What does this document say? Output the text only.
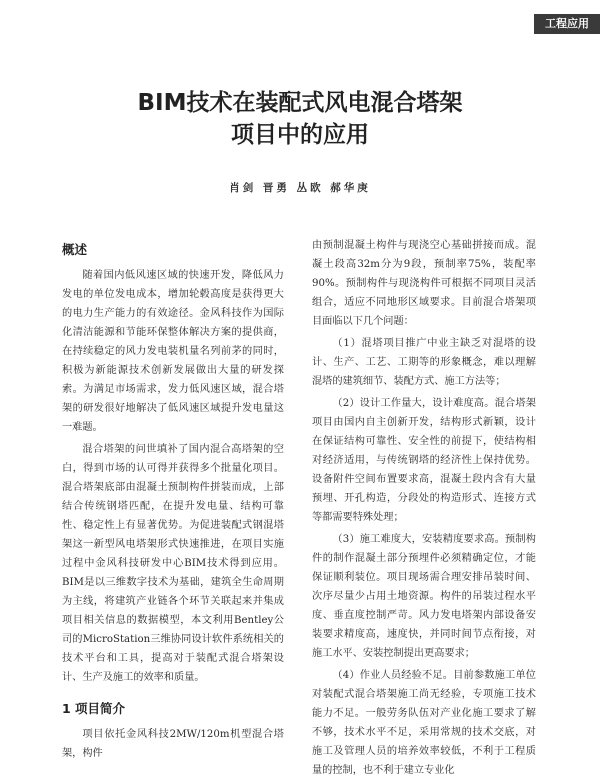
工程应用
BIM技术在装配式风电混合塔架
项目中的应用
肖剑 晋勇 丛欧 郝华庚
概述

随着国内低风速区域的快速开发，降低风力发电的单位发电成本，增加轮毂高度是获得更大的电力生产能力的有效途径。金风科技作为国际化清洁能源和节能环保整体解决方案的提供商，在持续稳定的风力发电装机量名列前茅的同时，积极为新能源技术创新发展做出大量的研发探索。为满足市场需求，发力低风速区域，混合塔架的研发很好地解决了低风速区域提升发电量这一难题。

混合塔架的问世填补了国内混合高塔架的空白，得到市场的认可得并获得多个批量化项目。混合塔架底部由混凝土预制构件拼装而成，上部结合传统钢塔匹配，在提升发电量、结构可靠性、稳定性上有显著优势。为促进装配式钢混塔架这一新型风电塔架形式快速推进，在项目实施过程中金风科技研发中心BIM技术得到应用。BIM是以三维数字技术为基础，建筑全生命周期为主线，将建筑产业链各个环节关联起来并集成项目相关信息的数据模型，本文利用Bentley公司的MicroStation三维协同设计软件系统相关的技术平台和工具，提高对于装配式混合塔架设计、生产及施工的效率和质量。

1 项目简介

项目依托金风科技2MW/120m机型混合塔架，构件

由预制混凝土构件与现浇空心基础拼接而成。混凝土段高32m分为9段，预制率75%，装配率90%。预制构件与现浇构件可根据不同项目灵活组合，适应不同地形区域要求。目前混合塔架项目面临以下几个问题：

（1）混塔项目推广中业主缺乏对混塔的设计、生产、工艺、工期等的形象概念，难以理解混塔的建筑细节、装配方式、施工方法等；

（2）设计工作量大，设计难度高。混合塔架项目由国内自主创新开发，结构形式新颖，设计在保证结构可靠性、安全性的前提下，使结构相对经济适用，与传统钢塔的经济性上保持优势。设备附件空间布置要求高，混凝土段内含有大量预埋、开孔构造，分段处的构造形式、连接方式等都需要特殊处理；

（3）施工难度大，安装精度要求高。预制构件的制作混凝土部分预埋件必须精确定位，才能保证顺利装位。项目现场需合理安排吊装时间、次序尽量少占用土地资源。构件的吊装过程水平度、垂直度控制严苛。风力发电塔架内部设备安装要求精度高，速度快，并同时间节点衔接，对施工水平、安装控制提出更高要求；

（4）作业人员经验不足。目前参数施工单位对装配式混合塔架施工尚无经验，专项施工技术能力不足。一般劳务队伍对产业化施工要求了解不够，技术水平不足，采用常规的技术交底，对施工及管理人员的培养效率较低，不利于工程质量的控制，也不利于建立专业化
